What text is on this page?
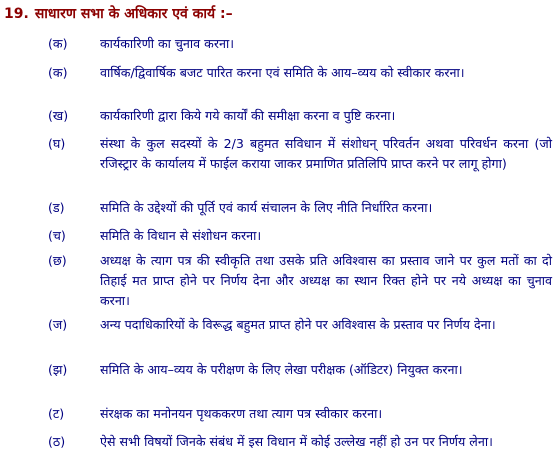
19. साधारण सभा के अधिकार एवं कार्य :–
(क)	कार्यकारिणी का चुनाव करना।
(क)	वार्षिक/द्विवार्षिक बजट पारित करना एवं समिति के आय–व्यय को स्वीकार करना।
(ख)	कार्यकारिणी द्वारा किये गये कार्यों की समीक्षा करना व पुष्टि करना।
(घ)	संस्था के कुल सदस्यों के 2/3 बहुमत सविधान में संशोधन् परिवर्तन अथवा परिवर्धन करना (जो रजिस्ट्रार के कार्यालय में फाईल कराया जाकर प्रमाणित प्रतिलिपि प्राप्त करने पर लागू होगा)
(ड)	समिति के उद्देश्यों की पूर्ति एवं कार्य संचालन के लिए नीति निर्धारित करना।
(च)	समिति के विधान से संशोधन करना।
(छ)	अध्यक्ष के त्याग पत्र की स्वीकृति तथा उसके प्रति अविश्वास का प्रस्ताव जाने पर कुल मतों का दो तिहाई मत प्राप्त होने पर निर्णय देना और अध्यक्ष का स्थान रिक्त होने पर नये अध्यक्ष का चुनाव करना।
(ज)	अन्य पदाधिकारियों के विरूद्ध बहुमत प्राप्त होने पर अविश्वास के प्रस्ताव पर निर्णय देना।
(झ)	समिति के आय–व्यय के परीक्षण के लिए लेखा परीक्षक (ऑडिटर) नियुक्त करना।
(ट)	संरक्षक का मनोनयन पृथककरण तथा त्याग पत्र स्वीकार करना।
(ठ)	ऐसे सभी विषयों जिनके संबंध में इस विधान में कोई उल्लेख नहीं हो उन पर निर्णय लेना।
